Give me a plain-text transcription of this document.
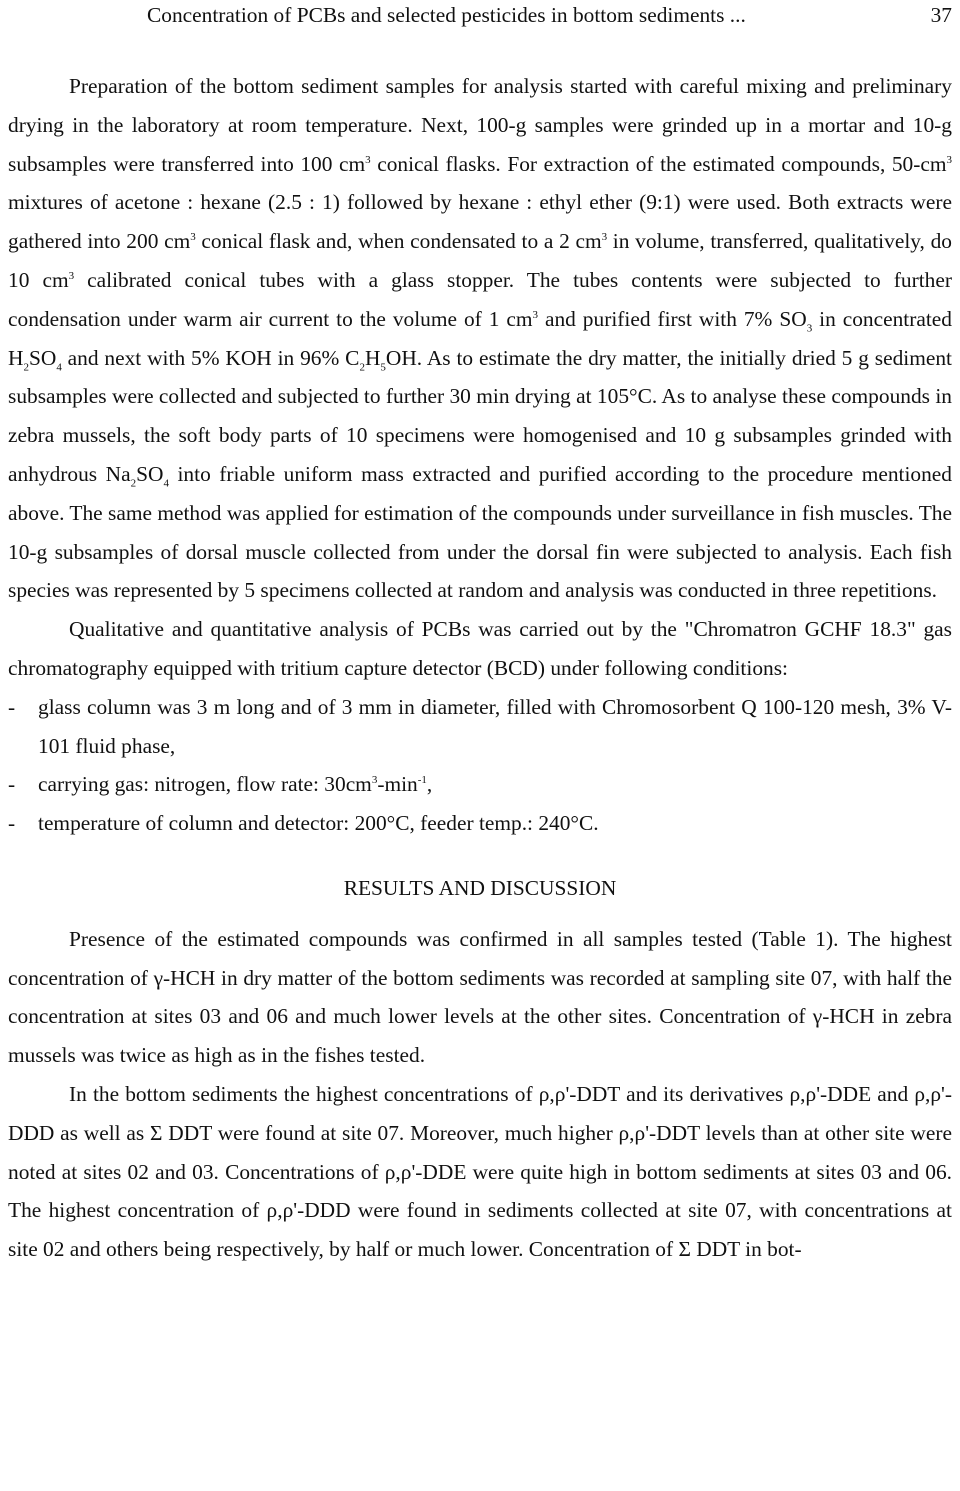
Concentration of PCBs and selected pesticides in bottom sediments ...	37

Preparation of the bottom sediment samples for analysis started with careful mixing and preliminary drying in the laboratory at room temperature. Next, 100-g samples were grinded up in a mortar and 10-g subsamples were transferred into 100 $cm^3$ conical flasks. For extraction of the estimated compounds, $50-cm^3$ mixtures of acetone : hexane (2.5 : 1) followed by hexane : ethyl ether (9:1) were used. Both extracts were gathered into 200 $cm^3$ conical flask and, when condensated to a 2 $cm^3$ in volume, transferred, qualitatively, do 10 $cm^3$ calibrated conical tubes with a glass stopper. The tubes contents were subjected to further condensation under warm air current to the volume of 1 $cm^3$ and purified first with 7% $SO_3$ in concentrated $H_2SO_4$ and next with 5% KOH in 96% $C_2H_5OH$. As to estimate the dry matter, the initially dried 5 g sediment subsamples were collected and subjected to further 30 min drying at 105°C. As to analyse these compounds in zebra mussels, the soft body parts of 10 specimens were homogenised and 10 g subsamples grinded with anhydrous $Na_2SO_4$ into friable uniform mass extracted and purified according to the procedure mentioned above. The same method was applied for estimation of the compounds under surveillance in fish muscles. The 10-g subsamples of dorsal muscle collected from under the dorsal fin were subjected to analysis. Each fish species was represented by 5 specimens collected at random and analysis was conducted in three repetitions.

Qualitative and quantitative analysis of PCBs was carried out by the "Chromatron GCHF 18.3" gas chromatography equipped with tritium capture detector (BCD) under following conditions:

- glass column was 3 m long and of 3 mm in diameter, filled with Chromosorbent Q 100-120 mesh, 3% V-101 fluid phase,
- carrying gas: nitrogen, flow rate: $30cm^3-\min^{-1}$,
- temperature of column and detector: 200°C, feeder temp.: 240°C.
RESULTS AND DISCUSSION

Presence of the estimated compounds was confirmed in all samples tested (Table 1). The highest concentration of γ-HCH in dry matter of the bottom sediments was recorded at sampling site 07, with half the concentration at sites 03 and 06 and much lower levels at the other sites. Concentration of γ-HCH in zebra mussels was twice as high as in the fishes tested.

In the bottom sediments the highest concentrations of ρ,ρ'-DDT and its derivatives ρ,ρ'-DDE and ρ,ρ'-DDD as well as Σ DDT were found at site 07. Moreover, much higher ρ,ρ'-DDT levels than at other site were noted at sites 02 and 03. Concentrations of ρ,ρ'-DDE were quite high in bottom sediments at sites 03 and 06. The highest concentration of ρ,ρ'-DDD were found in sediments collected at site 07, with concentrations at site 02 and others being respectively, by half or much lower. Concentration of Σ DDT in bot-
